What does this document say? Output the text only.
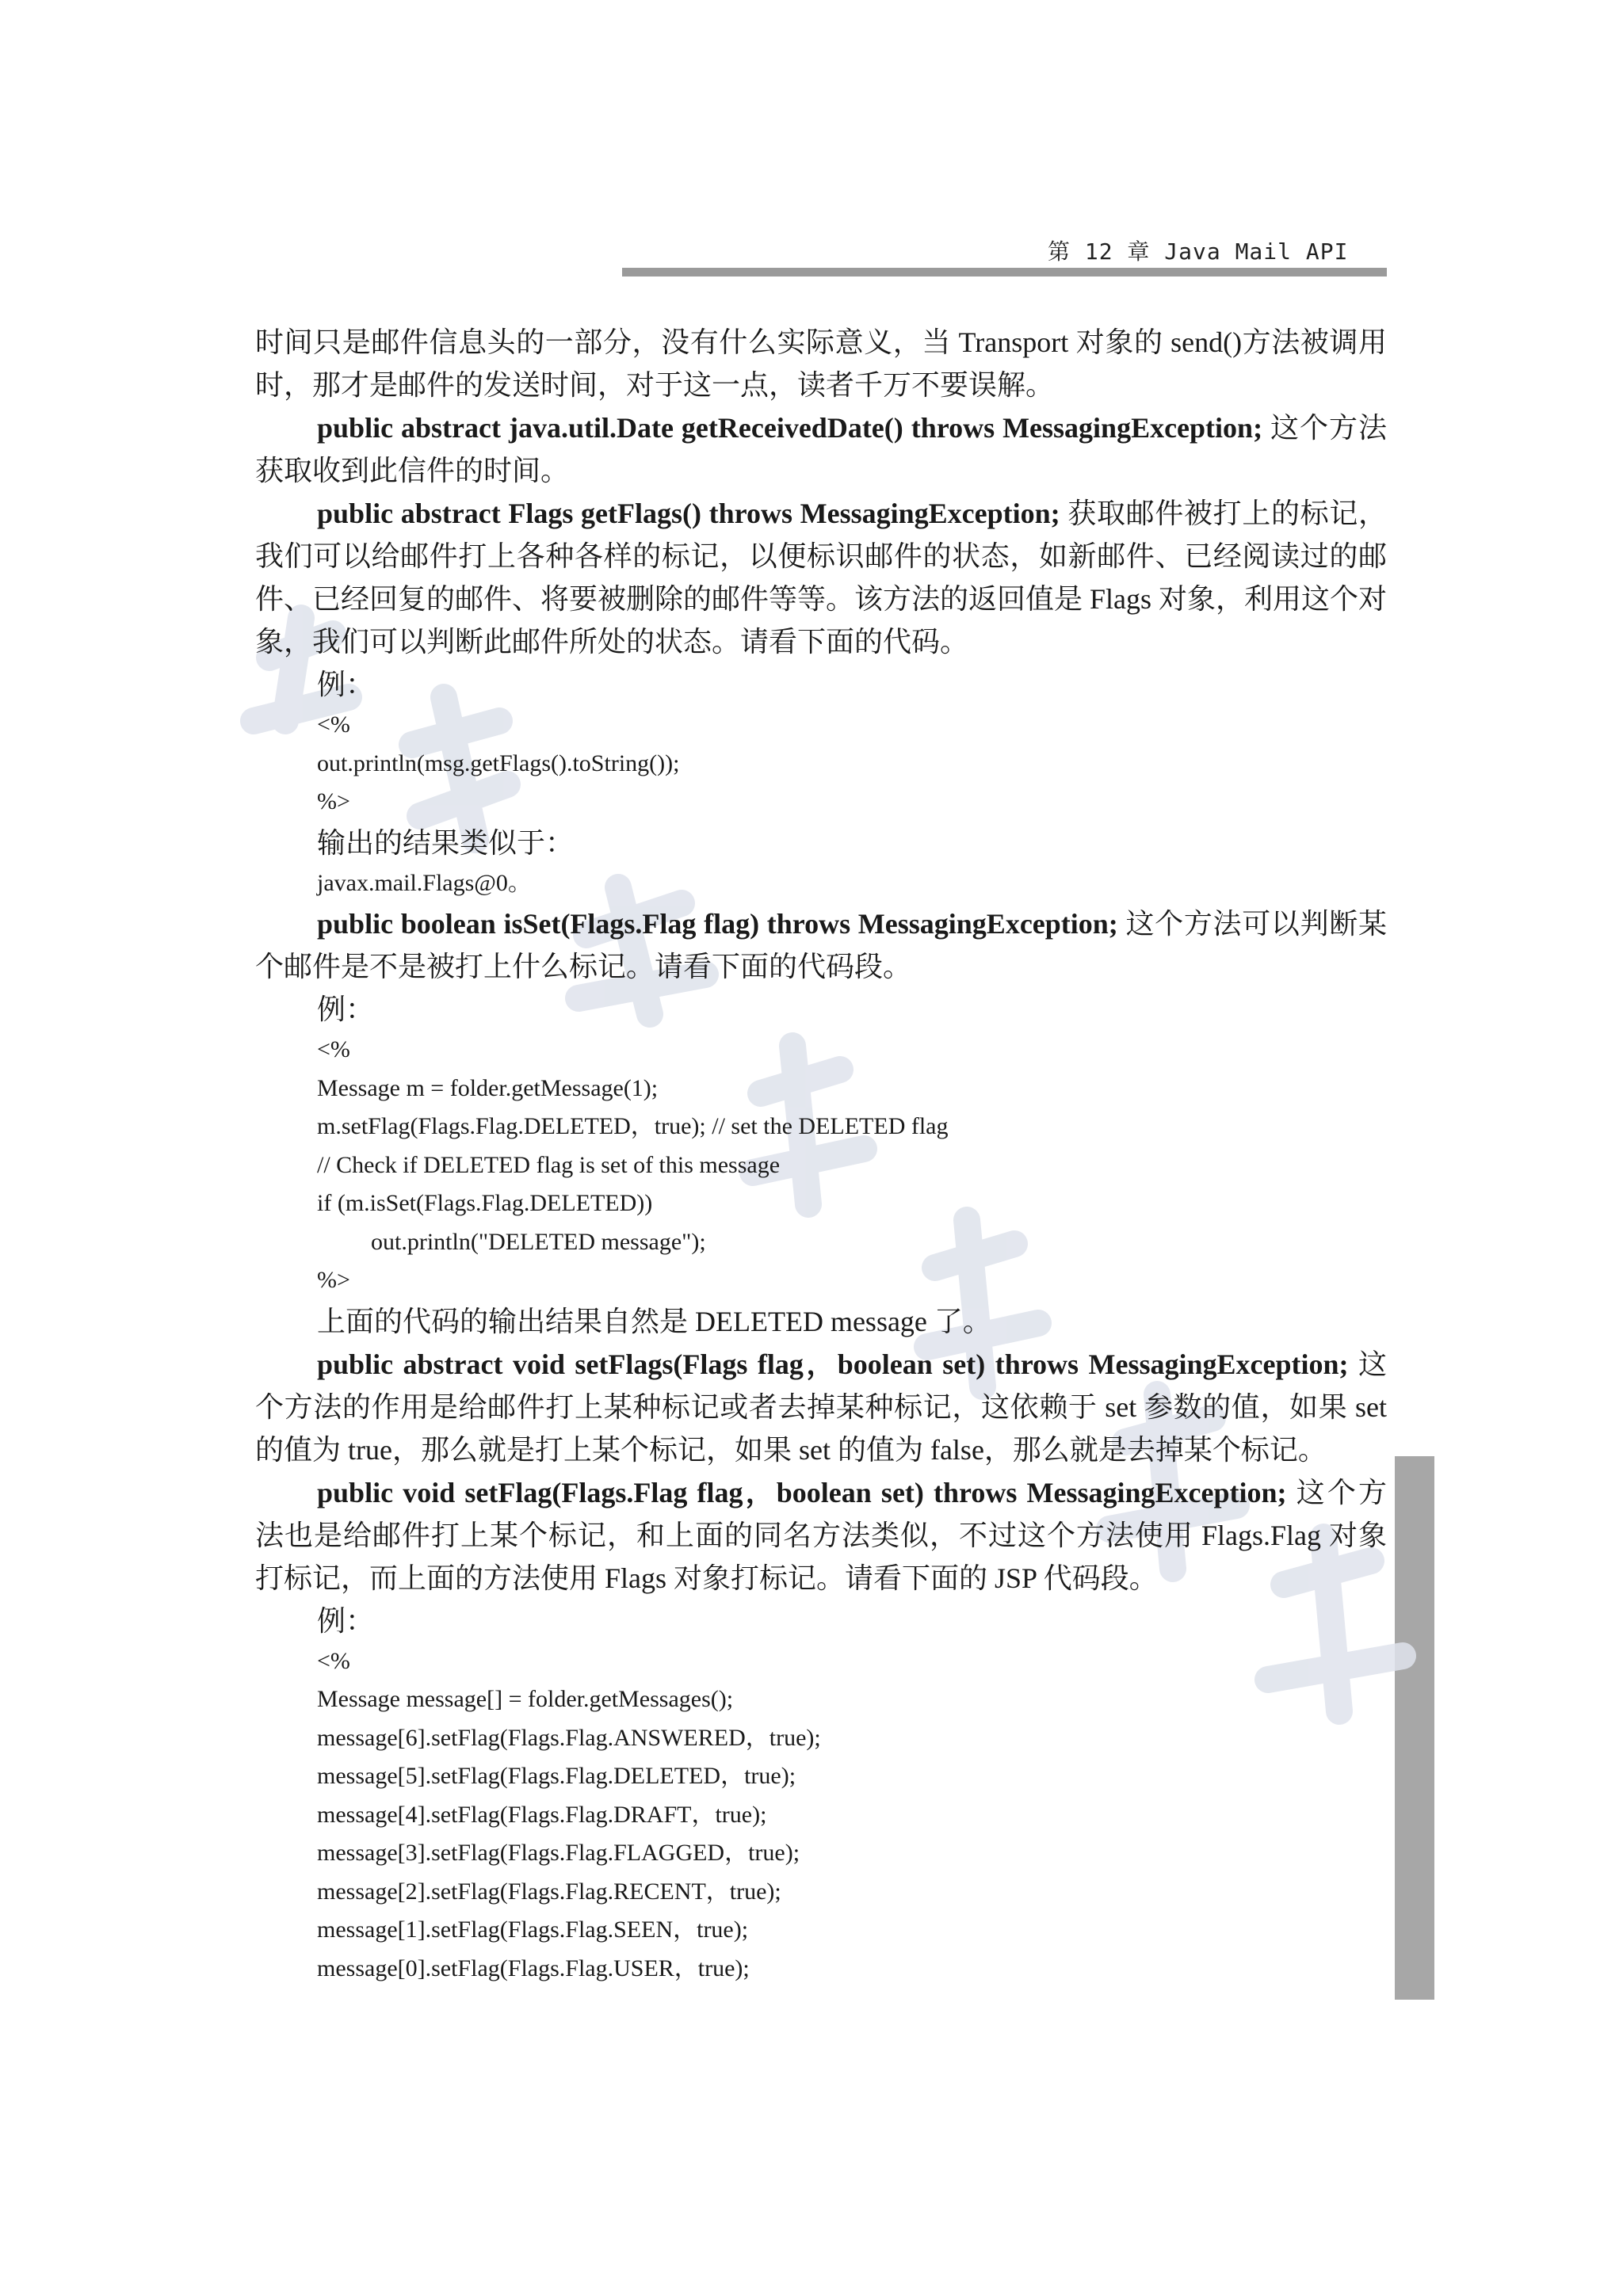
第 12 章 Java Mail API

时间只是邮件信息头的一部分，没有什么实际意义，当 Transport 对象的 send()方法被调用时，那才是邮件的发送时间，对于这一点，读者千万不要误解。

public abstract java.util.Date getReceivedDate() throws MessagingException; 这个方法获取收到此信件的时间。

public abstract Flags getFlags() throws MessagingException; 获取邮件被打上的标记，我们可以给邮件打上各种各样的标记，以便标识邮件的状态，如新邮件、已经阅读过的邮件、已经回复的邮件、将要被删除的邮件等等。该方法的返回值是 Flags 对象，利用这个对象，我们可以判断此邮件所处的状态。请看下面的代码。

例：
<%
out.println(msg.getFlags().toString());
%>
输出的结果类似于：
javax.mail.Flags@0。

public boolean isSet(Flags.Flag flag) throws MessagingException; 这个方法可以判断某个邮件是不是被打上什么标记。请看下面的代码段。

例：
<%
Message m = folder.getMessage(1);
m.setFlag(Flags.Flag.DELETED，true); // set the DELETED flag
// Check if DELETED flag is set of this message
if (m.isSet(Flags.Flag.DELETED))
out.println("DELETED message");
%>
上面的代码的输出结果自然是 DELETED message 了。

public abstract void setFlags(Flags flag，boolean set) throws MessagingException; 这个方法的作用是给邮件打上某种标记或者去掉某种标记，这依赖于 set 参数的值，如果 set 的值为 true，那么就是打上某个标记，如果 set 的值为 false，那么就是去掉某个标记。

public void setFlag(Flags.Flag flag，boolean set) throws MessagingException; 这个方法也是给邮件打上某个标记，和上面的同名方法类似，不过这个方法使用 Flags.Flag 对象打标记，而上面的方法使用 Flags 对象打标记。请看下面的 JSP 代码段。

例：
<%
Message message[] = folder.getMessages();
message[6].setFlag(Flags.Flag.ANSWERED，true);
message[5].setFlag(Flags.Flag.DELETED，true);
message[4].setFlag(Flags.Flag.DRAFT，true);
message[3].setFlag(Flags.Flag.FLAGGED，true);
message[2].setFlag(Flags.Flag.RECENT，true);
message[1].setFlag(Flags.Flag.SEEN，true);
message[0].setFlag(Flags.Flag.USER，true);
